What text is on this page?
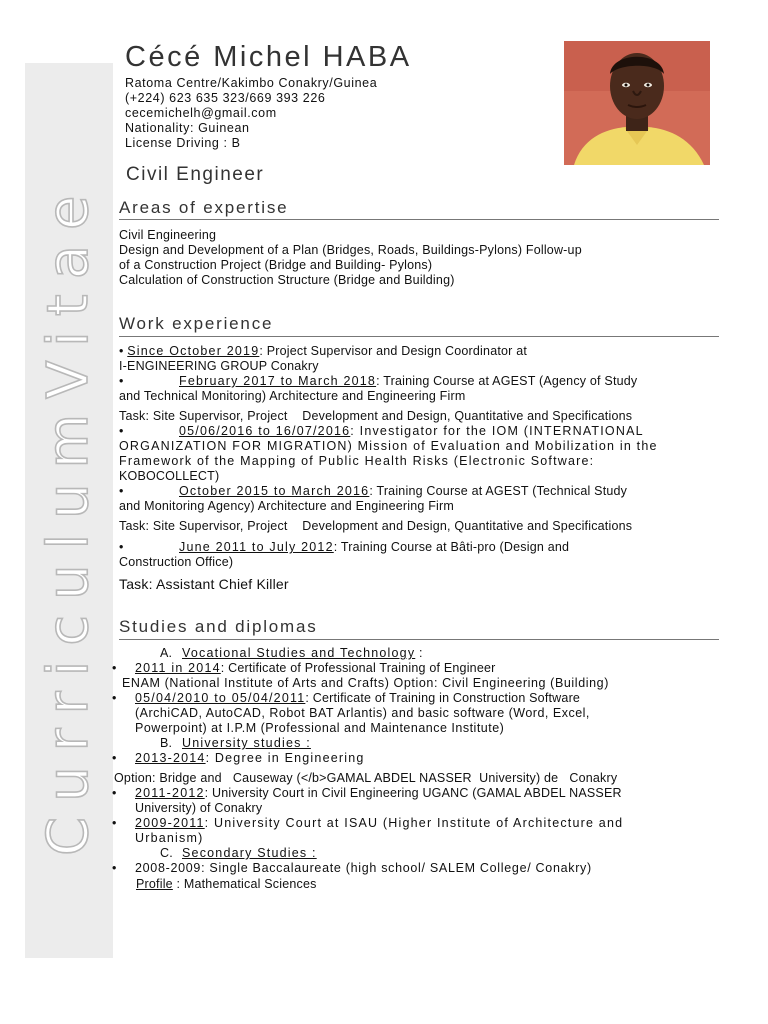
CurriculumVitae
Cécé Michel HABA
Ratoma Centre/Kakimbo Conakry/Guinea
(+224) 623 635 323/669 393 226
cecemichelh@gmail.com
Nationality: Guinean
License Driving : B
Civil Engineer
Areas of expertise
Civil Engineering
Design and Development of a Plan (Bridges, Roads, Buildings-Pylons) Follow-up
of a Construction Project (Bridge and Building- Pylons)
Calculation of Construction Structure (Bridge and Building)
Work experience
• Since October 2019: Project Supervisor and Design Coordinator at
I-ENGINEERING GROUP Conakry
•	February 2017 to March 2018: Training Course at AGEST (Agency of Study
and Technical Monitoring) Architecture and Engineering Firm
Task: Site Supervisor, Project    Development and Design, Quantitative and Specifications
•	05/06/2016 to 16/07/2016: Investigator for the IOM (INTERNATIONAL
ORGANIZATION FOR MIGRATION) Mission of Evaluation and Mobilization in the
Framework of the Mapping of Public Health Risks (Electronic Software:
KOBOCOLLECT)
•	October 2015 to March 2016: Training Course at AGEST (Technical Study
and Monitoring Agency) Architecture and Engineering Firm
Task: Site Supervisor, Project    Development and Design, Quantitative and Specifications
•	June 2011 to July 2012: Training Course at Bâti-pro (Design and
Construction Office)
Task: Assistant Chief Killer
Studies and diplomas
A. Vocational Studies and Technology :
• 2011 in 2014: Certificate of Professional Training of Engineer
ENAM (National Institute of Arts and Crafts) Option: Civil Engineering (Building)
• 05/04/2010 to 05/04/2011: Certificate of Training in Construction Software
(ArchiCAD, AutoCAD, Robot BAT Arlantis) and basic software (Word, Excel,
Powerpoint) at I.P.M (Professional and Maintenance Institute)
B. University studies :
• 2013-2014: Degree in Engineering
Option: Bridge and   Causeway (</b>GAMAL ABDEL NASSER  University) de   Conakry
• 2011-2012: University Court in Civil Engineering UGANC (GAMAL ABDEL NASSER
University) of Conakry
• 2009-2011: University Court at ISAU (Higher Institute of Architecture and
Urbanism)
C. Secondary Studies :
• 2008-2009: Single Baccalaureate (high school/ SALEM College/ Conakry)
Profile : Mathematical Sciences
